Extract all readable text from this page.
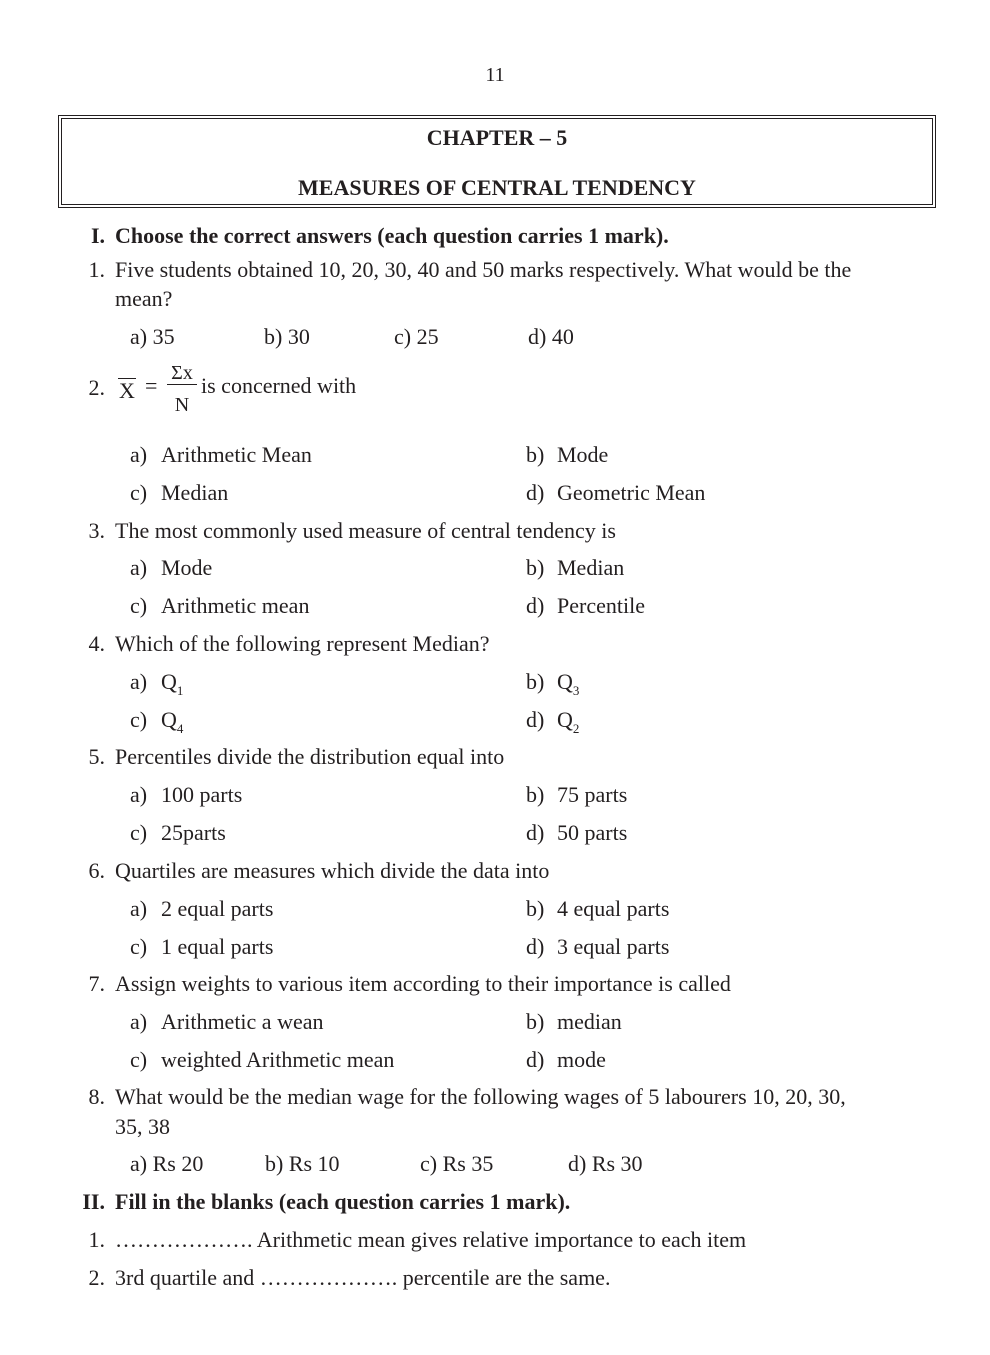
11
CHAPTER – 5
MEASURES OF CENTRAL TENDENCY
I. Choose the correct answers (each question carries 1 mark).
1. Five students obtained 10, 20, 30, 40 and 50 marks respectively. What would be the
mean?
a) 35	b) 30	c) 25	d) 40
2. X = Σx
N
is concerned with
a) Arithmetic Mean	b) Mode
c) Median	d) Geometric Mean
3. The most commonly used measure of central tendency is
a) Mode	b) Median
c) Arithmetic mean	d) Percentile
4. Which of the following represent Median?
a) $Q_1$	b) $Q_3$
c) $Q_4$	d) $Q_2$
5. Percentiles divide the distribution equal into
a) 100 parts	b) 75 parts
c) 25parts	d) 50 parts
6. Quartiles are measures which divide the data into
a) 2 equal parts	b) 4 equal parts
c) 1 equal parts	d) 3 equal parts
7. Assign weights to various item according to their importance is called
a) Arithmetic a wean	b) median
c) weighted Arithmetic mean	d) mode
8. What would be the median wage for the following wages of 5 labourers 10, 20, 30,
35, 38
a) Rs 20	b) Rs 10	c) Rs 35	d) Rs 30
II. Fill in the blanks (each question carries 1 mark).
1. ………………. Arithmetic mean gives relative importance to each item
2. 3rd quartile and ………………. percentile are the same.
